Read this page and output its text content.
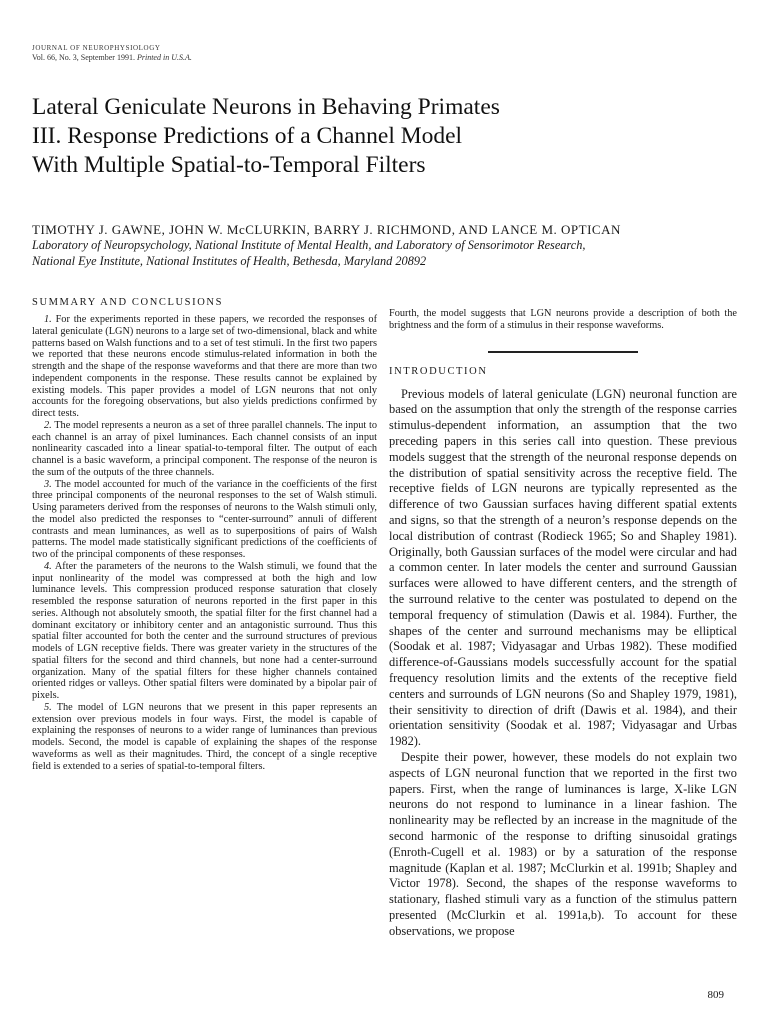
JOURNAL OF NEUROPHYSIOLOGY
Vol. 66, No. 3, September 1991. Printed in U.S.A.
Lateral Geniculate Neurons in Behaving Primates
III. Response Predictions of a Channel Model
With Multiple Spatial-to-Temporal Filters
TIMOTHY J. GAWNE, JOHN W. McCLURKIN, BARRY J. RICHMOND, AND LANCE M. OPTICAN
Laboratory of Neuropsychology, National Institute of Mental Health, and Laboratory of Sensorimotor Research,
National Eye Institute, National Institutes of Health, Bethesda, Maryland 20892
SUMMARY AND CONCLUSIONS

1. For the experiments reported in these papers, we recorded the responses of lateral geniculate (LGN) neurons to a large set of two-dimensional, black and white patterns based on Walsh functions and to a set of test stimuli. In the first two papers we reported that these neurons encode stimulus-related information in both the strength and the shape of the response waveforms and that there are more than two independent components in the response. These results cannot be explained by existing models. This paper provides a model of LGN neurons that not only accounts for the foregoing observations, but also yields predictions confirmed by direct tests.

2. The model represents a neuron as a set of three parallel channels. The input to each channel is an array of pixel luminances. Each channel consists of an input nonlinearity cascaded into a linear spatial-to-temporal filter. The output of each channel is a basic waveform, a principal component. The response of the neuron is the sum of the outputs of the three channels.

3. The model accounted for much of the variance in the coefficients of the first three principal components of the neuronal responses to the set of Walsh stimuli. Using parameters derived from the responses of neurons to the Walsh stimuli only, the model also predicted the responses to “center-surround” annuli of different contrasts and mean luminances, as well as to superpositions of pairs of Walsh patterns. The model made statistically significant predictions of the coefficients of two of the principal components of these responses.

4. After the parameters of the neurons to the Walsh stimuli, we found that the input nonlinearity of the model was compressed at both the high and low luminance levels. This compression produced response saturation that closely resembled the response saturation of neurons reported in the first paper in this series. Although not absolutely smooth, the spatial filter for the first channel had a dominant excitatory or inhibitory center and an antagonistic surround. Thus this spatial filter accounted for both the center and the surround structures of previous models of LGN receptive fields. There was greater variety in the structures of the spatial filters for the second and third channels, but none had a center-surround organization. Many of the spatial filters for these higher channels contained oriented ridges or valleys. Other spatial filters were dominated by a bipolar pair of pixels.

5. The model of LGN neurons that we present in this paper represents an extension over previous models in four ways. First, the model is capable of explaining the responses of neurons to a wider range of luminances than previous models. Second, the model is capable of explaining the shapes of the response waveforms as well as their magnitudes. Third, the concept of a single receptive field is extended to a series of spatial-to-temporal filters.

Fourth, the model suggests that LGN neurons provide a description of both the brightness and the form of a stimulus in their response waveforms.

INTRODUCTION

Previous models of lateral geniculate (LGN) neuronal function are based on the assumption that only the strength of the response carries stimulus-dependent information, an assumption that the two preceding papers in this series call into question. These previous models suggest that the strength of the neuronal response depends on the distribution of spatial sensitivity across the receptive field. The receptive fields of LGN neurons are typically represented as the difference of two Gaussian surfaces having different spatial extents and signs, so that the strength of a neuron’s response depends on the local distribution of contrast (Rodieck 1965; So and Shapley 1981). Originally, both Gaussian surfaces of the model were circular and had a common center. In later models the center and surround Gaussian surfaces were allowed to have different centers, and the strength of the surround relative to the center was postulated to depend on the temporal frequency of stimulation (Dawis et al. 1984). Further, the shapes of the center and surround mechanisms may be elliptical (Soodak et al. 1987; Vidyasagar and Urbas 1982). These modified difference-of-Gaussians models successfully account for the spatial frequency resolution limits and the extents of the receptive field centers and surrounds of LGN neurons (So and Shapley 1979, 1981), their sensitivity to direction of drift (Dawis et al. 1984), and their orientation sensitivity (Soodak et al. 1987; Vidyasagar and Urbas 1982).

Despite their power, however, these models do not explain two aspects of LGN neuronal function that we reported in the first two papers. First, when the range of luminances is large, X-like LGN neurons do not respond to luminance in a linear fashion. The nonlinearity may be reflected by an increase in the magnitude of the second harmonic of the response to drifting sinusoidal gratings (Enroth-Cugell et al. 1983) or by a saturation of the response magnitude (Kaplan et al. 1987; McClurkin et al. 1991b; Shapley and Victor 1978). Second, the shapes of the response waveforms to stationary, flashed stimuli vary as a function of the stimulus pattern presented (McClurkin et al. 1991a,b). To account for these observations, we propose

809
